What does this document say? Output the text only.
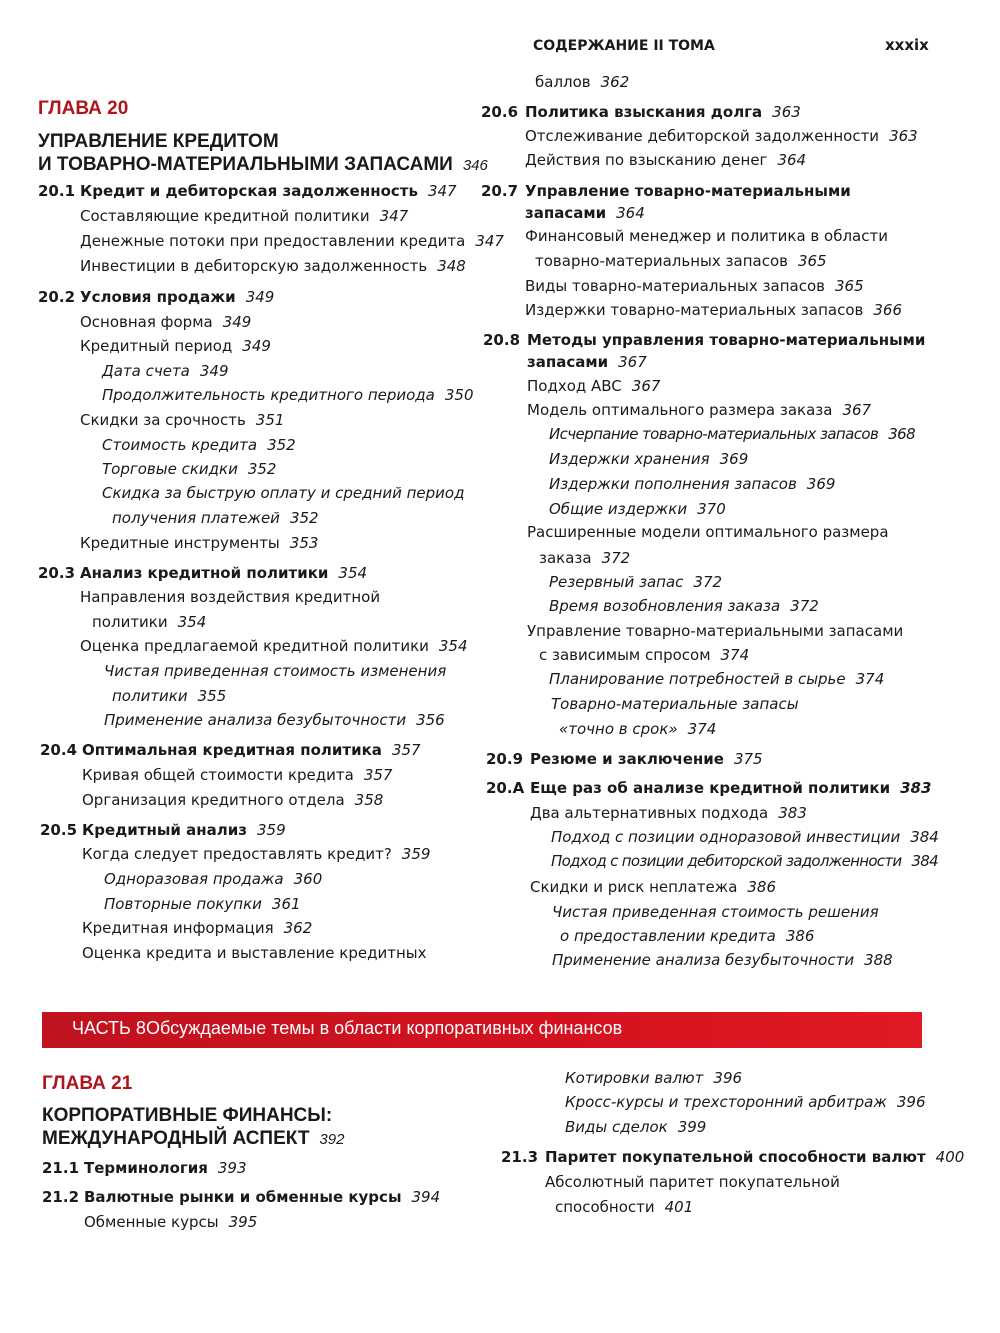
СОДЕРЖАНИЕ II ТОМА	xxxix
ГЛАВА 20
УПРАВЛЕНИЕ КРЕДИТОМ
И ТОВАРНО-МАТЕРИАЛЬНЫМИ ЗАПАСАМИ 346
20.1 Кредит и дебиторская задолженность 347
Составляющие кредитной политики 347
Денежные потоки при предоставлении кредита 347
Инвестиции в дебиторскую задолженность 348
20.2 Условия продажи 349
Основная форма 349
Кредитный период 349
Дата счета 349
Продолжительность кредитного периода 350
Скидки за срочность 351
Стоимость кредита 352
Торговые скидки 352
Скидка за быструю оплату и средний период
получения платежей 352
Кредитные инструменты 353
20.3 Анализ кредитной политики 354
Направления воздействия кредитной
политики 354
Оценка предлагаемой кредитной политики 354
Чистая приведенная стоимость изменения
политики 355
Применение анализа безубыточности 356
20.4 Оптимальная кредитная политика 357
Кривая общей стоимости кредита 357
Организация кредитного отдела 358
20.5 Кредитный анализ 359
Когда следует предоставлять кредит? 359
Одноразовая продажа 360
Повторные покупки 361
Кредитная информация 362
Оценка кредита и выставление кредитных
баллов 362
20.6 Политика взыскания долга 363
Отслеживание дебиторской задолженности 363
Действия по взысканию денег 364
20.7 Управление товарно-материальными
запасами 364
Финансовый менеджер и политика в области
товарно-материальных запасов 365
Виды товарно-материальных запасов 365
Издержки товарно-материальных запасов 366
20.8 Методы управления товарно-материальными
запасами 367
Подход ABC 367
Модель оптимального размера заказа 367
Исчерпание товарно-материальных запасов 368
Издержки хранения 369
Издержки пополнения запасов 369
Общие издержки 370
Расширенные модели оптимального размера
заказа 372
Резервный запас 372
Время возобновления заказа 372
Управление товарно-материальными запасами
с зависимым спросом 374
Планирование потребностей в сырье 374
Товарно-материальные запасы
«точно в срок» 374
20.9 Резюме и заключение 375
20.A Еще раз об анализе кредитной политики 383
Два альтернативных подхода 383
Подход с позиции одноразовой инвестиции 384
Подход с позиции дебиторской задолженности 384
Скидки и риск неплатежа 386
Чистая приведенная стоимость решения
о предоставлении кредита 386
Применение анализа безубыточности 388
ЧАСТЬ 8 Обсуждаемые темы в области корпоративных финансов
ГЛАВА 21
КОРПОРАТИВНЫЕ ФИНАНСЫ:
МЕЖДУНАРОДНЫЙ АСПЕКТ 392
21.1 Терминология 393
21.2 Валютные рынки и обменные курсы 394
Обменные курсы 395
Котировки валют 396
Кросс-курсы и трехсторонний арбитраж 396
Виды сделок 399
21.3 Паритет покупательной способности валют 400
Абсолютный паритет покупательной
способности 401
